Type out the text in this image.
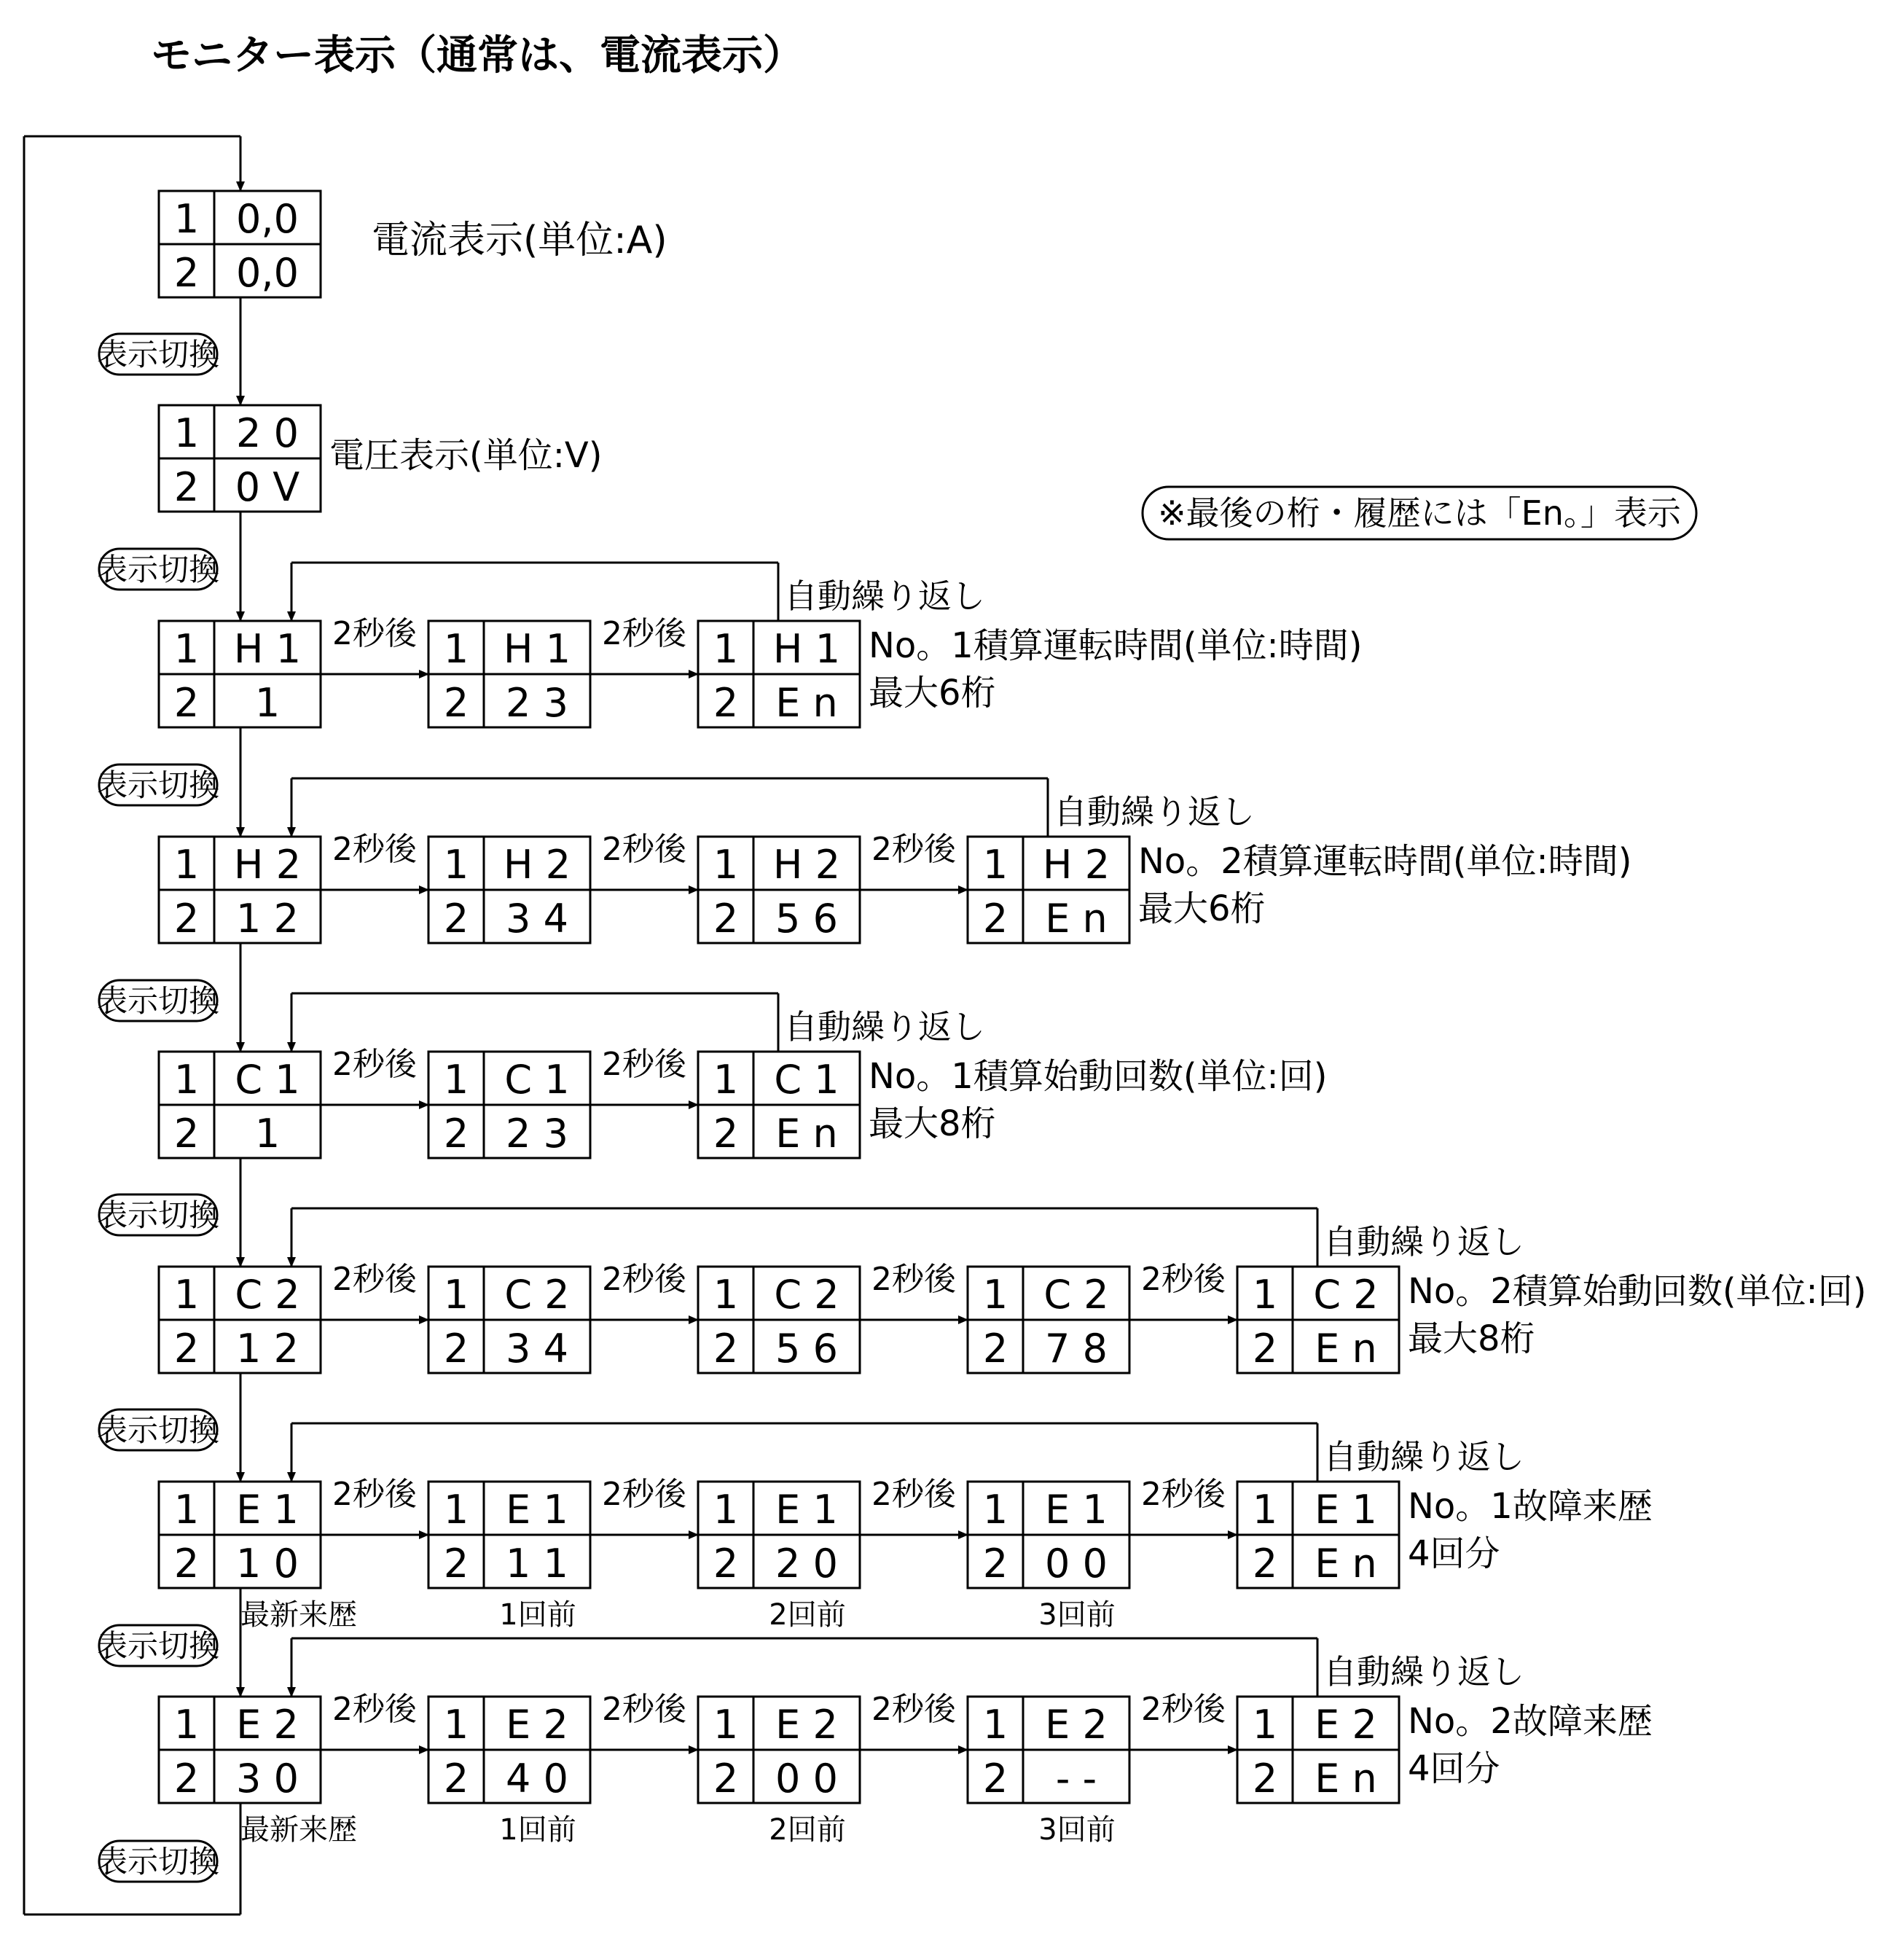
モニター表示（通常は、電流表示）
1 0,0
2 0,0
電流表示(単位:A)
表示切換
1 2 0
2 0 V
電圧表示(単位:V)
表示切換
1 H 1
2 1
2秒後 1 H 1
2 2 3
2秒後 1 H 1
2 E n
No。1積算運転時間(単位:時間)
最大6桁
自動繰り返し
表示切換
1 H 2
2 1 2
2秒後 1 H 2
2 3 4
2秒後 1 H 2
2 5 6
2秒後 1 H 2
2 E n
No。2積算運転時間(単位:時間)
最大6桁
自動繰り返し
表示切換
1 C 1
2 1
2秒後 1 C 1
2 2 3
2秒後 1 C 1
2 E n
No。1積算始動回数(単位:回)
最大8桁
自動繰り返し
表示切換
1 C 2
2 1 2
2秒後 1 C 2
2 3 4
2秒後 1 C 2
2 5 6
2秒後 1 C 2
2 7 8
2秒後 1 C 2
2 E n
No。2積算始動回数(単位:回)
最大8桁
自動繰り返し
表示切換
1 E 1
2 1 0
2秒後 1 E 1
2 1 1
2秒後 1 E 1
2 2 0
2秒後 1 E 1
2 0 0
2秒後 1 E 1
2 E n
No。1故障来歴
4回分
自動繰り返し
最新来歴	1回前	2回前	3回前
表示切換
1 E 2
2 3 0
2秒後 1 E 2
2 4 0
2秒後 1 E 2
2 0 0
2秒後 1 E 2
2 - -
2秒後 1 E 2
2 E n
No。2故障来歴
4回分
自動繰り返し
最新来歴	1回前	2回前	3回前
表示切換
※最後の桁・履歴には「En。」表示
